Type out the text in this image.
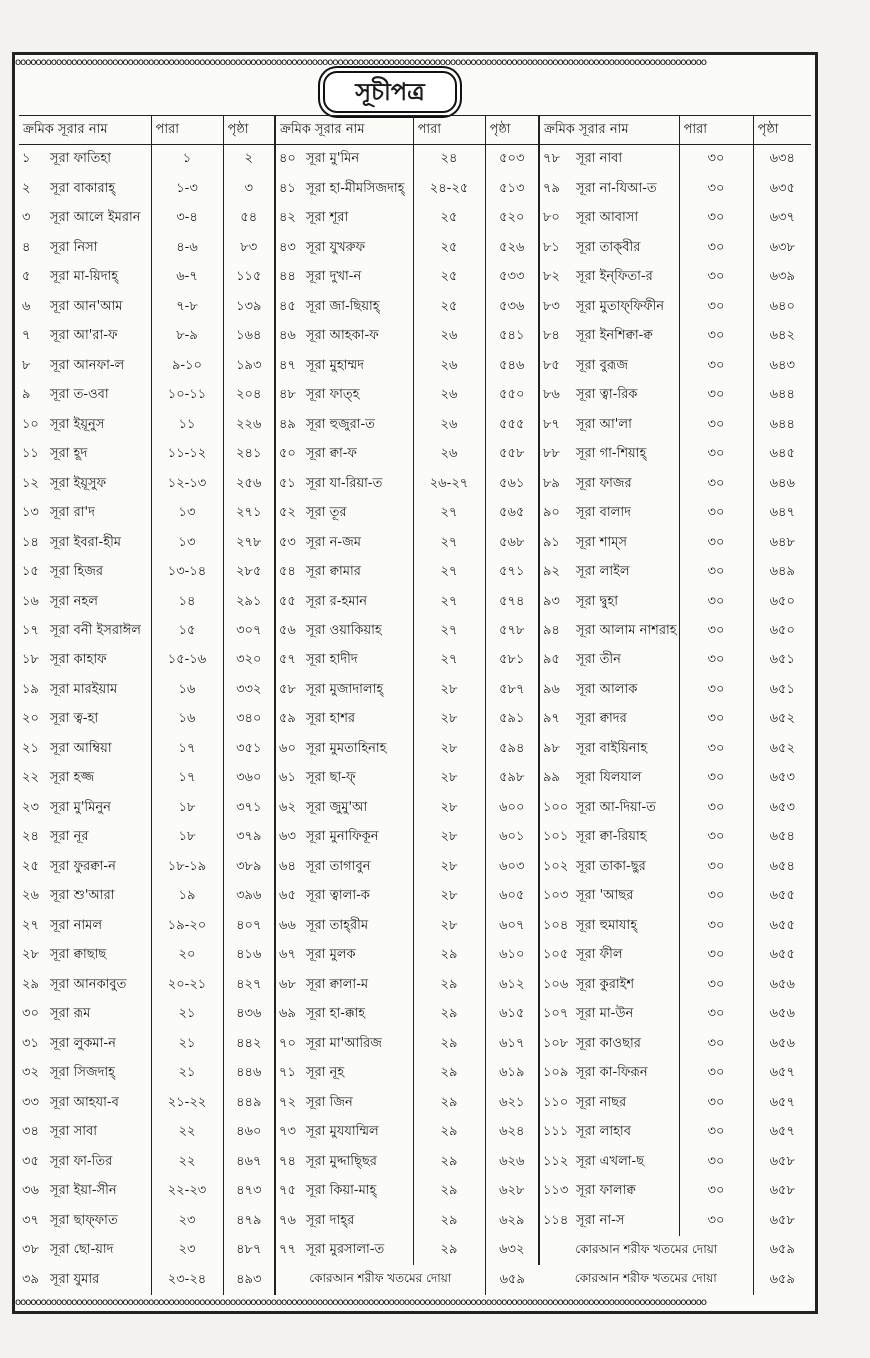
ooooooooooooooooooooooooooooooooooooooooooooooooooooooooooooooooooooooooooooooooooooooooooooooooooooooooooooooooooooooooooooooooooooooo
সূচীপত্র
ক্রমিক সূরার নাম		পারা	পৃষ্ঠা	ক্রমিক সূরার নাম		পারা	পৃষ্ঠা	ক্রমিক সূরার নাম		পারা	পৃষ্ঠা
১	সূরা ফাতিহা	১	২	৪০	সূরা মু'মিন	২৪	৫০৩	৭৮	সূরা নাবা	৩০	৬৩৪
২	সূরা বাকারাহ্	১-৩	৩	৪১	সূরা হা-মীমসিজদাহ্	২৪-২৫	৫১৩	৭৯	সূরা না-যিআ-ত	৩০	৬৩৫
৩	সূরা আলে ইমরান	৩-৪	৫৪	৪২	সূরা শূরা	২৫	৫২০	৮০	সূরা আবাসা	৩০	৬৩৭
৪	সূরা নিসা	৪-৬	৮৩	৪৩	সূরা যুখরুফ	২৫	৫২৬	৮১	সূরা তাক্‌বীর	৩০	৬৩৮
৫	সূরা মা-য়িদাহ্	৬-৭	১১৫	৪৪	সূরা দুখা-ন	২৫	৫৩৩	৮২	সূরা ইন্‌ফিতা-র	৩০	৬৩৯
৬	সূরা আন'আম	৭-৮	১৩৯	৪৫	সূরা জা-ছিয়াহ্	২৫	৫৩৬	৮৩	সূরা মুতাফ্‌ফিফীন	৩০	৬৪০
৭	সূরা আ'রা-ফ	৮-৯	১৬৪	৪৬	সূরা আহকা-ফ	২৬	৫৪১	৮৪	সূরা ইনশিক্বা-ক্ব	৩০	৬৪২
৮	সূরা আনফা-ল	৯-১০	১৯৩	৪৭	সূরা মুহাম্মদ	২৬	৫৪৬	৮৫	সূরা বুরূজ	৩০	৬৪৩
৯	সূরা ত-ওবা	১০-১১	২০৪	৪৮	সূরা ফাত্‌হ	২৬	৫৫০	৮৬	সূরা ত্বা-রিক	৩০	৬৪৪
১০	সূরা ইয়ূনুস	১১	২২৬	৪৯	সূরা হুজুরা-ত	২৬	৫৫৫	৮৭	সূরা আ'লা	৩০	৬৪৪
১১	সূরা হূদ	১১-১২	২৪১	৫০	সূরা ক্বা-ফ	২৬	৫৫৮	৮৮	সূরা গা-শিয়াহ্	৩০	৬৪৫
১২	সূরা ইয়ূসুফ	১২-১৩	২৫৬	৫১	সূরা যা-রিয়া-ত	২৬-২৭	৫৬১	৮৯	সূরা ফাজর	৩০	৬৪৬
১৩	সূরা রা'দ	১৩	২৭১	৫২	সূরা তূর	২৭	৫৬৫	৯০	সূরা বালাদ	৩০	৬৪৭
১৪	সূরা ইবরা-হীম	১৩	২৭৮	৫৩	সূরা ন-জম	২৭	৫৬৮	৯১	সূরা শাম্‌স	৩০	৬৪৮
১৫	সূরা হিজর	১৩-১৪	২৮৫	৫৪	সূরা ক্বামার	২৭	৫৭১	৯২	সূরা লাইল	৩০	৬৪৯
১৬	সূরা নহল	১৪	২৯১	৫৫	সূরা র-হমান	২৭	৫৭৪	৯৩	সূরা দ্বুহা	৩০	৬৫০
১৭	সূরা বনী ইসরাঈল	১৫	৩০৭	৫৬	সূরা ওয়াকিয়াহ	২৭	৫৭৮	৯৪	সূরা আলাম নাশরাহ	৩০	৬৫০
১৮	সূরা কাহাফ	১৫-১৬	৩২০	৫৭	সূরা হাদীদ	২৭	৫৮১	৯৫	সূরা তীন	৩০	৬৫১
১৯	সূরা মারইয়াম	১৬	৩৩২	৫৮	সূরা মুজাদালাহ্	২৮	৫৮৭	৯৬	সূরা আলাক	৩০	৬৫১
২০	সূরা ত্ব-হা	১৬	৩৪০	৫৯	সূরা হাশর	২৮	৫৯১	৯৭	সূরা ক্বাদর	৩০	৬৫২
২১	সূরা আম্বিয়া	১৭	৩৫১	৬০	সূরা মুমতাহিনাহ	২৮	৫৯৪	৯৮	সূরা বাইয়িনাহ	৩০	৬৫২
২২	সূরা হজ্জ	১৭	৩৬০	৬১	সূরা ছা-ফ্	২৮	৫৯৮	৯৯	সূরা যিলযাল	৩০	৬৫৩
২৩	সূরা মু'মিনুন	১৮	৩৭১	৬২	সূরা জুমু'আ	২৮	৬০০	১০০	সূরা আ-দিয়া-ত	৩০	৬৫৩
২৪	সূরা নূর	১৮	৩৭৯	৬৩	সূরা মুনাফিকূন	২৮	৬০১	১০১	সূরা ক্বা-রিয়াহ	৩০	৬৫৪
২৫	সূরা ফুরক্বা-ন	১৮-১৯	৩৮৯	৬৪	সূরা তাগাবুন	২৮	৬০৩	১০২	সূরা তাকা-ছুর	৩০	৬৫৪
২৬	সূরা শু'আরা	১৯	৩৯৬	৬৫	সূরা ত্বালা-ক	২৮	৬০৫	১০৩	সূরা 'আছর	৩০	৬৫৫
২৭	সূরা নামল	১৯-২০	৪০৭	৬৬	সূরা তাহ্‌রীম	২৮	৬০৭	১০৪	সূরা হুমাযাহ্	৩০	৬৫৫
২৮	সূরা ক্বাছাছ	২০	৪১৬	৬৭	সূরা মুলক	২৯	৬১০	১০৫	সূরা ফীল	৩০	৬৫৫
২৯	সূরা আনকাবুত	২০-২১	৪২৭	৬৮	সূরা ক্বালা-ম	২৯	৬১২	১০৬	সূরা কুরাইশ	৩০	৬৫৬
৩০	সূরা রূম	২১	৪৩৬	৬৯	সূরা হা-ক্কাহ	২৯	৬১৫	১০৭	সূরা মা-উন	৩০	৬৫৬
৩১	সূরা লুকমা-ন	২১	৪৪২	৭০	সূরা মা'আরিজ	২৯	৬১৭	১০৮	সূরা কাওছার	৩০	৬৫৬
৩২	সূরা সিজদাহ্	২১	৪৪৬	৭১	সূরা নূহ	২৯	৬১৯	১০৯	সূরা কা-ফিরূন	৩০	৬৫৭
৩৩	সূরা আহযা-ব	২১-২২	৪৪৯	৭২	সূরা জিন	২৯	৬২১	১১০	সূরা নাছর	৩০	৬৫৭
৩৪	সূরা সাবা	২২	৪৬০	৭৩	সূরা মুযযাম্মিল	২৯	৬২৪	১১১	সূরা লাহাব	৩০	৬৫৭
৩৫	সূরা ফা-তির	২২	৪৬৭	৭৪	সূরা মুদ্দাছ্ছির	২৯	৬২৬	১১২	সূরা এখলা-ছ	৩০	৬৫৮
৩৬	সূরা ইয়া-সীন	২২-২৩	৪৭৩	৭৫	সূরা কিয়া-মাহ্	২৯	৬২৮	১১৩	সূরা ফালাক্ব	৩০	৬৫৮
৩৭	সূরা ছাফ্‌ফাত	২৩	৪৭৯	৭৬	সূরা দাহ্‌র	২৯	৬২৯	১১৪	সূরা না-স	৩০	৬৫৮
৩৮	সূরা ছো-য়াদ	২৩	৪৮৭	৭৭	সূরা মুরসালা-ত	২৯	৬৩২	কোরআন শরীফ খতমের দোয়া			৬৫৯
৩৯	সূরা যুমার	২৩-২৪	৪৯৩	কোরআন শরীফ খতমের দোয়া			৬৫৯	কোরআন শরীফ খতমের দোয়া			৬৫৯
ooooooooooooooooooooooooooooooooooooooooooooooooooooooooooooooooooooooooooooooooooooooooooooooooooooooooooooooooooooooooooooooooooooooo
